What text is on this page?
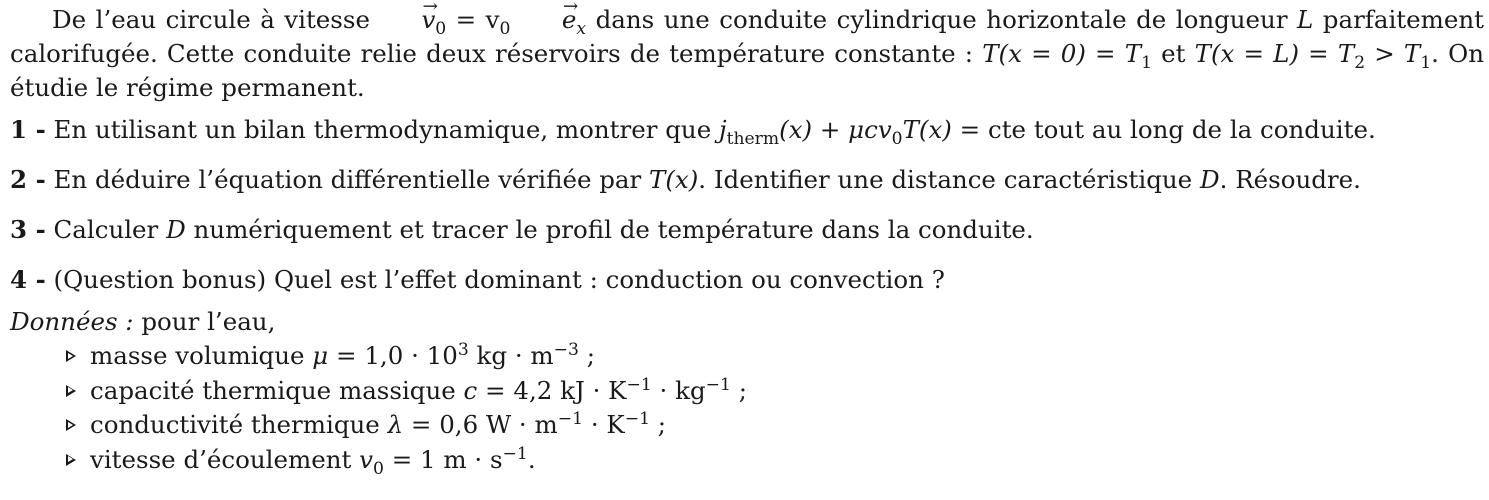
De l’eau circule à vitesse → $v_0 = v_0 \to e_x$ dans une conduite cylindrique horizontale de longueur L parfaitement calorifugée. Cette conduite relie deux réservoirs de température constante : $T(x = 0) = T_1$ et $T(x = L) = T_2 > T_1$. On étudie le régime permanent.

1 - En utilisant un bilan thermodynamique, montrer que $j_{therm}(x) + \mu cv_0T(x)$ = cte tout au long de la conduite.

2 - En déduire l’équation différentielle vérifiée par T(x). Identifier une distance caractéristique D. Résoudre.

3 - Calculer D numériquement et tracer le profil de température dans la conduite.

4 - (Question bonus) Quel est l’effet dominant : conduction ou convection ?

Données : pour l’eau,

masse volumique $\mu = 1,0 \cdot 10^3$ kg · $m^{-3}$ ;
capacité thermique massique c = 4,2 kJ · $K^{-1} \cdot kg^{-1}$ ;
conductivité thermique λ = 0,6 $W \cdot m^{-1} \cdot K^{-1}$ ;
vitesse d’écoulement $v_0 = 1$ $m \cdot s^{-1}$.
